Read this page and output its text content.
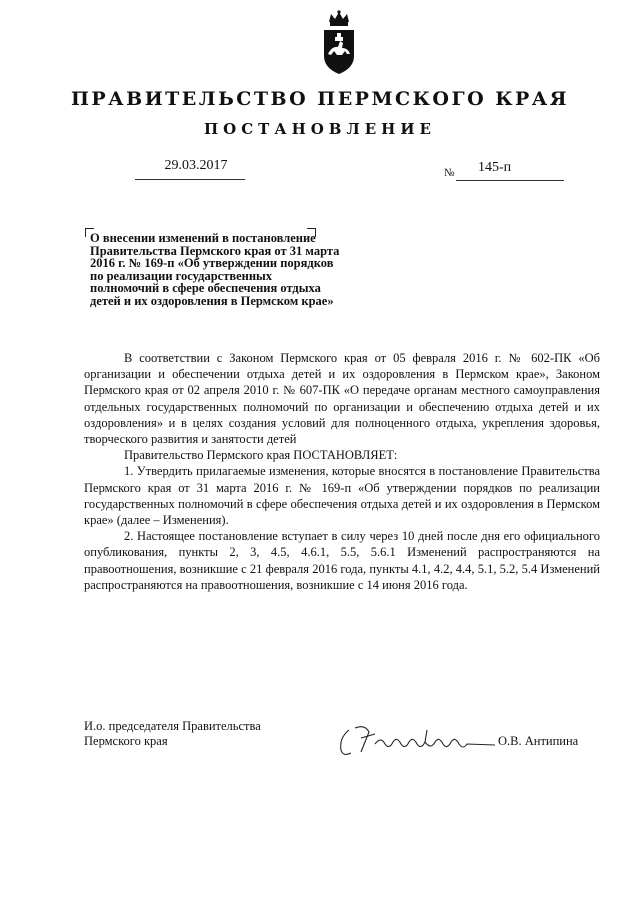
ПРАВИТЕЛЬСТВО ПЕРМСКОГО КРАЯ
ПОСТАНОВЛЕНИЕ
29.03.2017	№ 145-п
О внесении изменений в постановление
Правительства Пермского края от 31 марта
2016 г. № 169-п «Об утверждении порядков
по реализации государственных
полномочий в сфере обеспечения отдыха
детей и их оздоровления в Пермском крае»

В соответствии с Законом Пермского края от 05 февраля 2016 г. № 602-ПК «Об организации и обеспечении отдыха детей и их оздоровления в Пермском крае», Законом Пермского края от 02 апреля 2010 г. № 607-ПК «О передаче органам местного самоуправления отдельных государственных полномочий по организации и обеспечению отдыха детей и их оздоровления» и в целях создания условий для полноценного отдыха, укрепления здоровья, творческого развития и занятости детей

Правительство Пермского края ПОСТАНОВЛЯЕТ:

1. Утвердить прилагаемые изменения, которые вносятся в постановление Правительства Пермского края от 31 марта 2016 г. № 169-п «Об утверждении порядков по реализации государственных полномочий в сфере обеспечения отдыха детей и их оздоровления в Пермском крае» (далее – Изменения).

2. Настоящее постановление вступает в силу через 10 дней после дня его официального опубликования, пункты 2, 3, 4.5, 4.6.1, 5.5, 5.6.1 Изменений распространяются на правоотношения, возникшие с 21 февраля 2016 года, пункты 4.1, 4.2, 4.4, 5.1, 5.2, 5.4 Изменений распространяются на правоотношения, возникшие с 14 июня 2016 года.

И.о. председателя Правительства
Пермского края	О.В. Антипина
